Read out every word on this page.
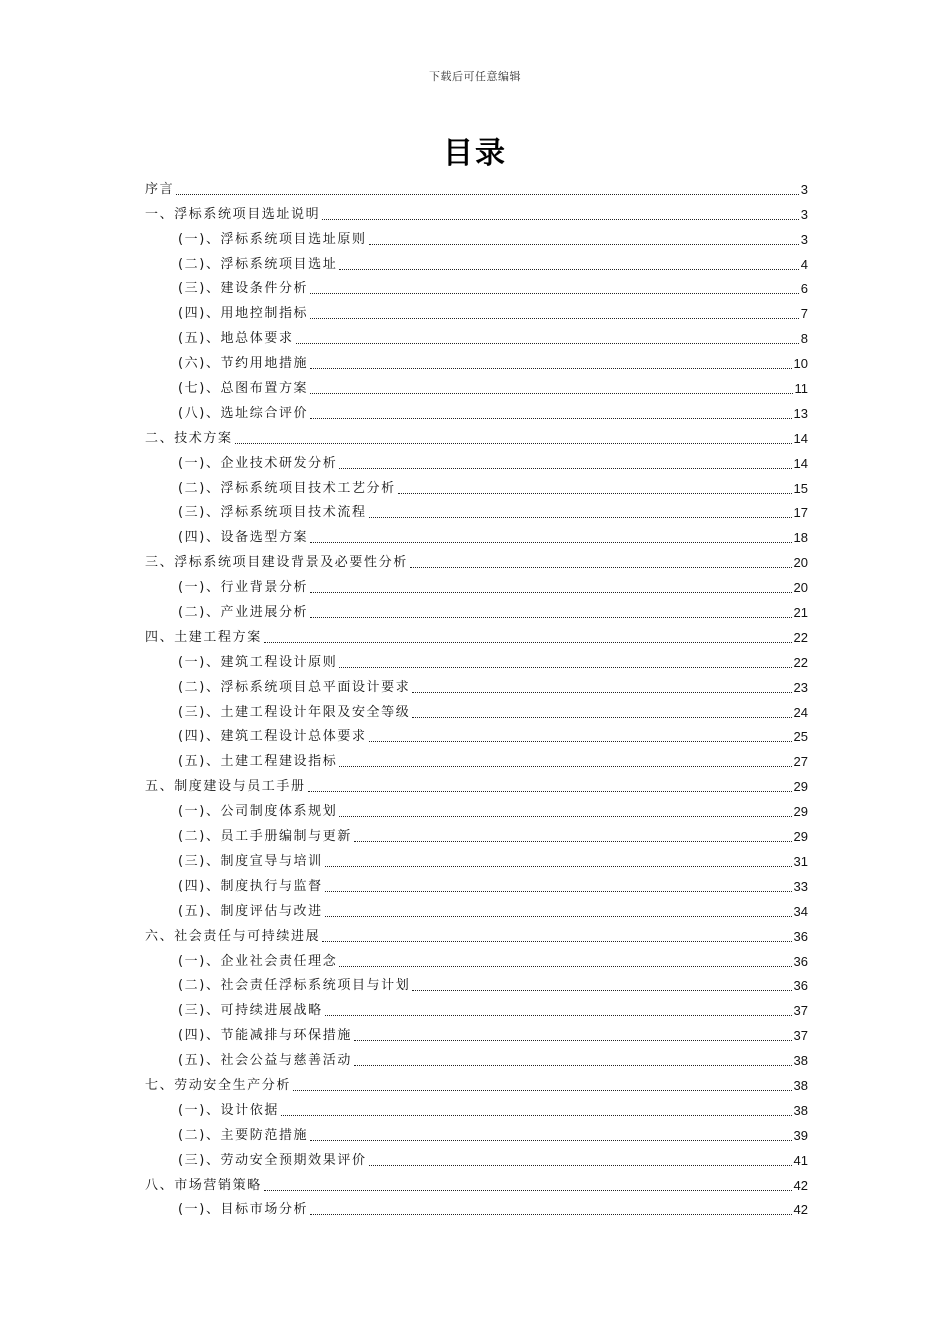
下载后可任意编辑
目录
序言	3
一、浮标系统项目选址说明	3
(一)、浮标系统项目选址原则	3
(二)、浮标系统项目选址	4
(三)、建设条件分析	6
(四)、用地控制指标	7
(五)、地总体要求	8
(六)、节约用地措施	10
(七)、总图布置方案	11
(八)、选址综合评价	13
二、技术方案	14
(一)、企业技术研发分析	14
(二)、浮标系统项目技术工艺分析	15
(三)、浮标系统项目技术流程	17
(四)、设备选型方案	18
三、浮标系统项目建设背景及必要性分析	20
(一)、行业背景分析	20
(二)、产业进展分析	21
四、土建工程方案	22
(一)、建筑工程设计原则	22
(二)、浮标系统项目总平面设计要求	23
(三)、土建工程设计年限及安全等级	24
(四)、建筑工程设计总体要求	25
(五)、土建工程建设指标	27
五、制度建设与员工手册	29
(一)、公司制度体系规划	29
(二)、员工手册编制与更新	29
(三)、制度宣导与培训	31
(四)、制度执行与监督	33
(五)、制度评估与改进	34
六、社会责任与可持续进展	36
(一)、企业社会责任理念	36
(二)、社会责任浮标系统项目与计划	36
(三)、可持续进展战略	37
(四)、节能减排与环保措施	37
(五)、社会公益与慈善活动	38
七、劳动安全生产分析	38
(一)、设计依据	38
(二)、主要防范措施	39
(三)、劳动安全预期效果评价	41
八、市场营销策略	42
(一)、目标市场分析	42
